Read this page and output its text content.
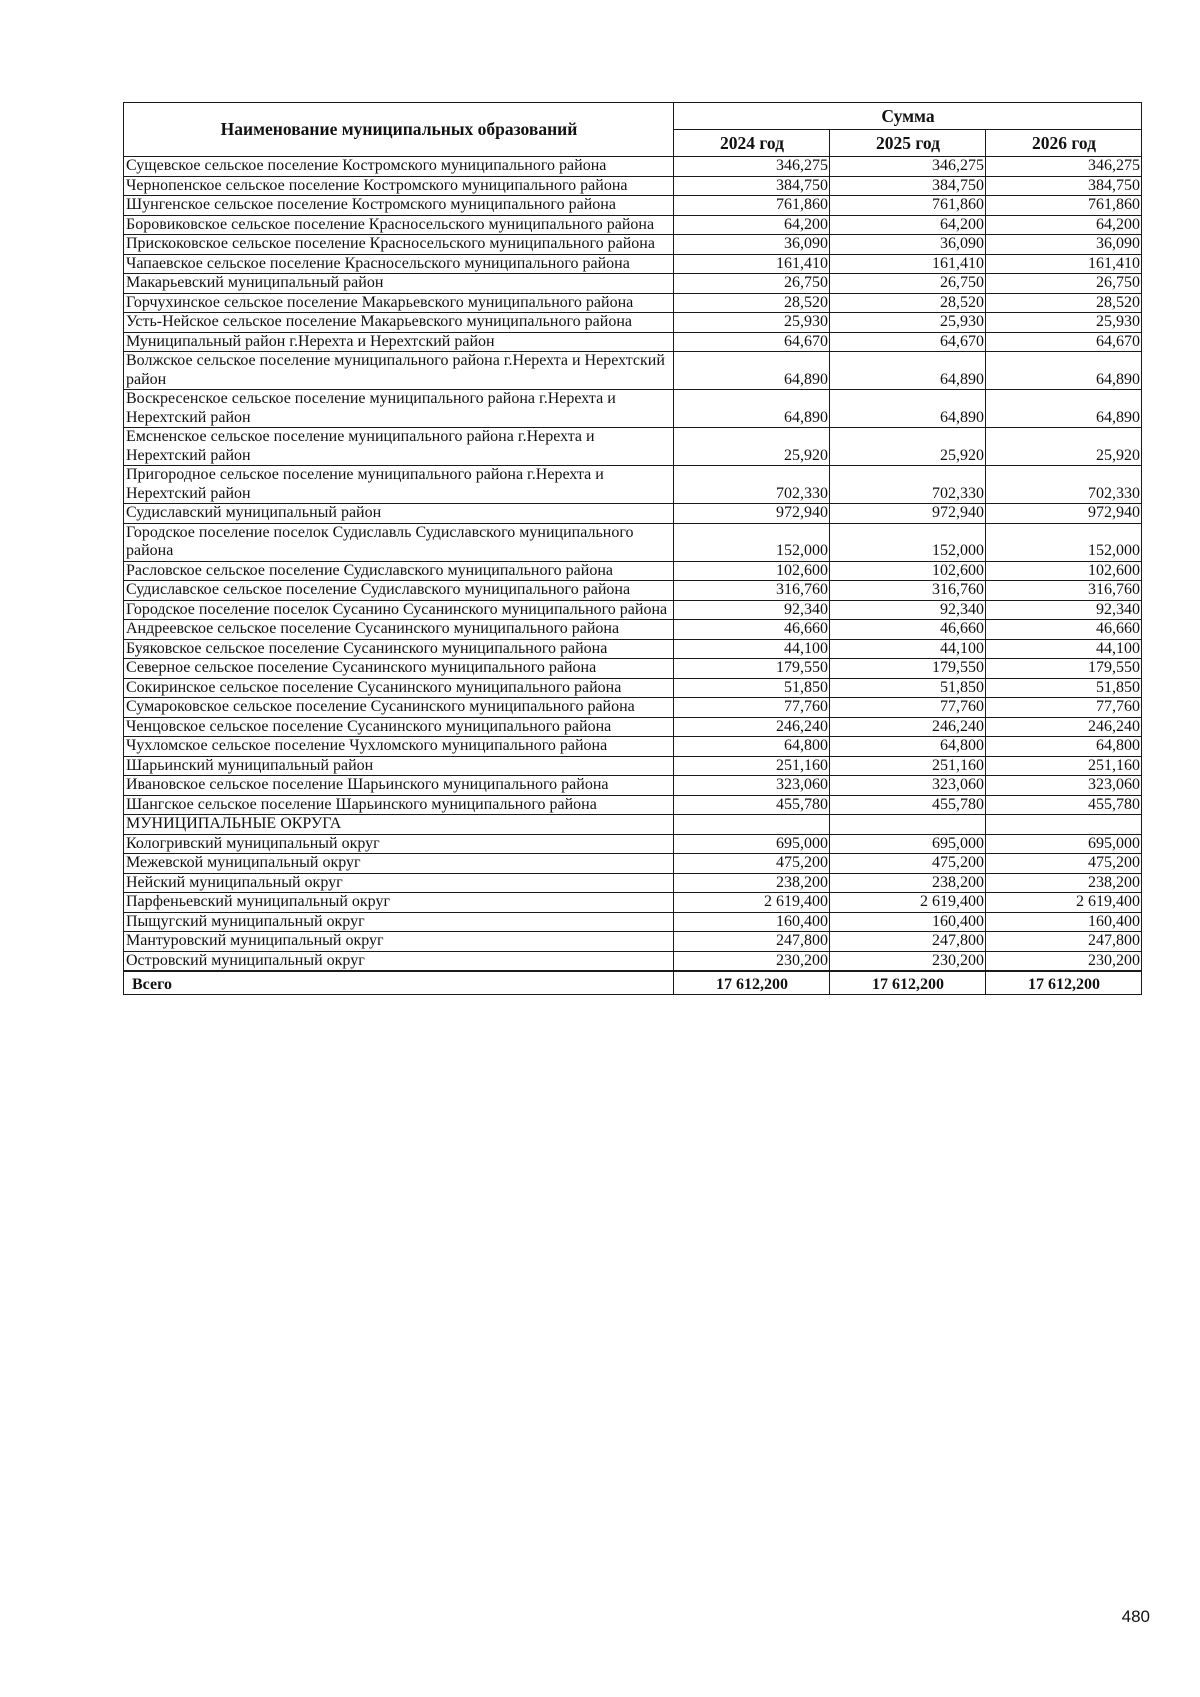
Наименование муниципальных образований	Сумма		
	2024 год	2025 год	2026 год
Сущевское сельское поселение Костромского муниципального района	346,275	346,275	346,275
Чернопенское сельское поселение Костромского муниципального района	384,750	384,750	384,750
Шунгенское сельское поселение Костромского муниципального района	761,860	761,860	761,860
Боровиковское сельское поселение Красносельского муниципального района	64,200	64,200	64,200
Прискоковское сельское поселение Красносельского муниципального района	36,090	36,090	36,090
Чапаевское сельское поселение Красносельского муниципального района	161,410	161,410	161,410
Макарьевский муниципальный район	26,750	26,750	26,750
Горчухинское сельское поселение Макарьевского муниципального района	28,520	28,520	28,520
Усть-Нейское сельское поселение Макарьевского муниципального района	25,930	25,930	25,930
Муниципальный район г.Нерехта и Нерехтский район	64,670	64,670	64,670
Волжское сельское поселение муниципального района г.Нерехта и Нерехтский район	64,890	64,890	64,890
Воскресенское сельское поселение муниципального района г.Нерехта и Нерехтский район	64,890	64,890	64,890
Емсненское сельское поселение муниципального района г.Нерехта и Нерехтский район	25,920	25,920	25,920
Пригородное сельское поселение муниципального района г.Нерехта и Нерехтский район	702,330	702,330	702,330
Судиславский муниципальный район	972,940	972,940	972,940
Городское поселение поселок Судиславль Судиславского муниципального района	152,000	152,000	152,000
Расловское сельское поселение Судиславского муниципального района	102,600	102,600	102,600
Судиславское сельское поселение Судиславского муниципального района	316,760	316,760	316,760
Городское поселение поселок Сусанино Сусанинского муниципального района	92,340	92,340	92,340
Андреевское сельское поселение Сусанинского муниципального района	46,660	46,660	46,660
Буяковское сельское поселение Сусанинского муниципального района	44,100	44,100	44,100
Северное сельское поселение Сусанинского муниципального района	179,550	179,550	179,550
Сокиринское сельское поселение Сусанинского муниципального района	51,850	51,850	51,850
Сумароковское сельское поселение Сусанинского муниципального района	77,760	77,760	77,760
Ченцовское сельское поселение Сусанинского муниципального района	246,240	246,240	246,240
Чухломское сельское поселение Чухломского муниципального района	64,800	64,800	64,800
Шарьинский муниципальный район	251,160	251,160	251,160
Ивановское сельское поселение Шарьинского муниципального района	323,060	323,060	323,060
Шангское сельское поселение Шарьинского муниципального района	455,780	455,780	455,780
МУНИЦИПАЛЬНЫЕ ОКРУГА			
Кологривский муниципальный округ	695,000	695,000	695,000
Межевской муниципальный округ	475,200	475,200	475,200
Нейский муниципальный округ	238,200	238,200	238,200
Парфеньевский муниципальный округ	2 619,400	2 619,400	2 619,400
Пыщугский муниципальный округ	160,400	160,400	160,400
Мантуровский муниципальный округ	247,800	247,800	247,800
Островский муниципальный округ	230,200	230,200	230,200
Всего	17 612,200	17 612,200	17 612,200
480
